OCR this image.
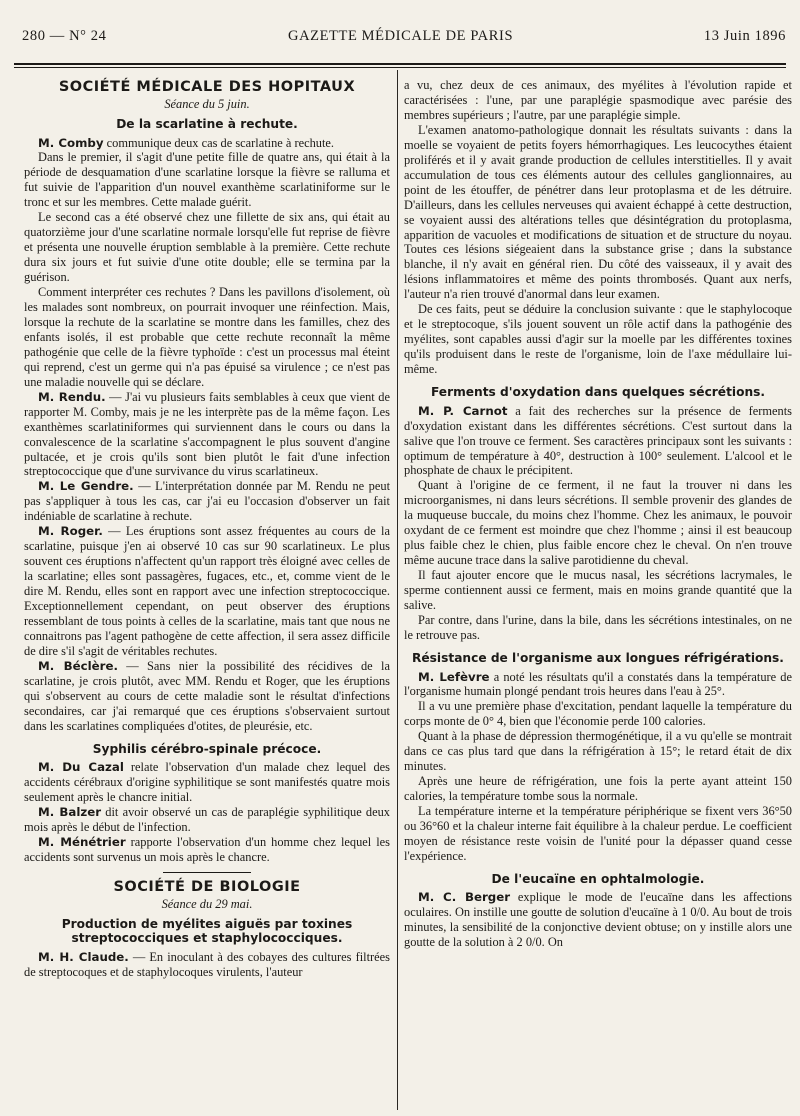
280 — N° 24	GAZETTE MÉDICALE DE PARIS	13 Juin 1896
SOCIÉTÉ MÉDICALE DES HOPITAUX
Séance du 5 juin.
De la scarlatine à rechute.

M. Comby communique deux cas de scarlatine à rechute.

Dans le premier, il s'agit d'une petite fille de quatre ans, qui était à la période de desquamation d'une scarlatine lorsque la fièvre se ralluma et fut suivie de l'apparition d'un nouvel exanthème scarlatiniforme sur le tronc et sur les membres. Cette malade guérit.

Le second cas a été observé chez une fillette de six ans, qui était au quatorzième jour d'une scarlatine normale lorsqu'elle fut reprise de fièvre et présenta une nouvelle éruption semblable à la première. Cette rechute dura six jours et fut suivie d'une otite double; elle se termina par la guérison.

Comment interpréter ces rechutes ? Dans les pavillons d'isolement, où les malades sont nombreux, on pourrait invoquer une réinfection. Mais, lorsque la rechute de la scarlatine se montre dans les familles, chez des enfants isolés, il est probable que cette rechute reconnaît la même pathogénie que celle de la fièvre typhoïde : c'est un processus mal éteint qui reprend, c'est un germe qui n'a pas épuisé sa virulence ; ce n'est pas une maladie nouvelle qui se déclare.

M. Rendu. — J'ai vu plusieurs faits semblables à ceux que vient de rapporter M. Comby, mais je ne les interprète pas de la même façon. Les exanthèmes scarlatiniformes qui surviennent dans le cours ou dans la convalescence de la scarlatine s'accompagnent le plus souvent d'angine pultacée, et je crois qu'ils sont bien plutôt le fait d'une infection streptococcique que d'une survivance du virus scarlatineux.

M. Le Gendre. — L'interprétation donnée par M. Rendu ne peut pas s'appliquer à tous les cas, car j'ai eu l'occasion d'observer un fait indéniable de scarlatine à rechute.

M. Roger. — Les éruptions sont assez fréquentes au cours de la scarlatine, puisque j'en ai observé 10 cas sur 90 scarlatineux. Le plus souvent ces éruptions n'affectent qu'un rapport très éloigné avec celles de la scarlatine; elles sont passagères, fugaces, etc., et, comme vient de le dire M. Rendu, elles sont en rapport avec une infection streptococcique. Exceptionnellement cependant, on peut observer des éruptions ressemblant de tous points à celles de la scarlatine, mais tant que nous ne connaitrons pas l'agent pathogène de cette affection, il sera assez difficile de dire s'il s'agit de véritables rechutes.

M. Béclère. — Sans nier la possibilité des récidives de la scarlatine, je crois plutôt, avec MM. Rendu et Roger, que les éruptions qui s'observent au cours de cette maladie sont le résultat d'infections secondaires, car j'ai remarqué que ces éruptions s'observaient surtout dans les scarlatines compliquées d'otites, de pleurésie, etc.

Syphilis cérébro-spinale précoce.

M. Du Cazal relate l'observation d'un malade chez lequel des accidents cérébraux d'origine syphilitique se sont manifestés quatre mois seulement après le chancre initial.

M. Balzer dit avoir observé un cas de paraplégie syphilitique deux mois après le début de l'infection.

M. Ménétrier rapporte l'observation d'un homme chez lequel les accidents sont survenus un mois après le chancre.

SOCIÉTÉ DE BIOLOGIE
Séance du 29 mai.
Production de myélites aiguës par toxines streptococciques et staphylococciques.

M. H. Claude. — En inoculant à des cobayes des cultures filtrées de streptocoques et de staphylocoques virulents, l'auteur

a vu, chez deux de ces animaux, des myélites à l'évolution rapide et caractérisées : l'une, par une paraplégie spasmodique avec parésie des membres supérieurs ; l'autre, par une paraplégie simple.

L'examen anatomo-pathologique donnait les résultats suivants : dans la moelle se voyaient de petits foyers hémorrhagiques. Les leucocythes étaient proliférés et il y avait grande production de cellules interstitielles. Il y avait accumulation de tous ces éléments autour des cellules ganglionnaires, au point de les étouffer, de pénétrer dans leur protoplasma et de les détruire. D'ailleurs, dans les cellules nerveuses qui avaient échappé à cette destruction, se voyaient aussi des altérations telles que désintégration du protoplasma, apparition de vacuoles et modifications de situation et de structure du noyau. Toutes ces lésions siégeaient dans la substance grise ; dans la substance blanche, il n'y avait en général rien. Du côté des vaisseaux, il y avait des lésions inflammatoires et même des points thrombosés. Quant aux nerfs, l'auteur n'a rien trouvé d'anormal dans leur examen.

De ces faits, peut se déduire la conclusion suivante : que le staphylocoque et le streptocoque, s'ils jouent souvent un rôle actif dans la pathogénie des myélites, sont capables aussi d'agir sur la moelle par les différentes toxines qu'ils produisent dans le reste de l'organisme, loin de l'axe médullaire lui-même.

Ferments d'oxydation dans quelques sécrétions.

M. P. Carnot a fait des recherches sur la présence de ferments d'oxydation existant dans les différentes sécrétions. C'est surtout dans la salive que l'on trouve ce ferment. Ses caractères principaux sont les suivants : optimum de température à 40°, destruction à 100° seulement. L'alcool et le phosphate de chaux le précipitent.

Quant à l'origine de ce ferment, il ne faut la trouver ni dans les microorganismes, ni dans leurs sécrétions. Il semble provenir des glandes de la muqueuse buccale, du moins chez l'homme. Chez les animaux, le pouvoir oxydant de ce ferment est moindre que chez l'homme ; ainsi il est beaucoup plus faible chez le chien, plus faible encore chez le cheval. On n'en trouve même aucune trace dans la salive parotidienne du cheval.

Il faut ajouter encore que le mucus nasal, les sécrétions lacrymales, le sperme contiennent aussi ce ferment, mais en moins grande quantité que la salive.

Par contre, dans l'urine, dans la bile, dans les sécrétions intestinales, on ne le retrouve pas.

Résistance de l'organisme aux longues réfrigérations.

M. Lefèvre a noté les résultats qu'il a constatés dans la température de l'organisme humain plongé pendant trois heures dans l'eau à 25°.

Il a vu une première phase d'excitation, pendant laquelle la température du corps monte de 0° 4, bien que l'économie perde 100 calories.

Quant à la phase de dépression thermogénétique, il a vu qu'elle se montrait dans ce cas plus tard que dans la réfrigération à 15°; le retard était de dix minutes.

Après une heure de réfrigération, une fois la perte ayant atteint 150 calories, la température tombe sous la normale.

La température interne et la température périphérique se fixent vers 36°50 ou 36°60 et la chaleur interne fait équilibre à la chaleur perdue. Le coefficient moyen de résistance reste voisin de l'unité pour la dépasser quand cesse l'expérience.

De l'eucaïne en ophtalmologie.

M. C. Berger explique le mode de l'eucaïne dans les affections oculaires. On instille une goutte de solution d'eucaïne à 1 0/0. Au bout de trois minutes, la sensibilité de la conjonctive devient obtuse; on y instille alors une goutte de la solution à 2 0/0. On
